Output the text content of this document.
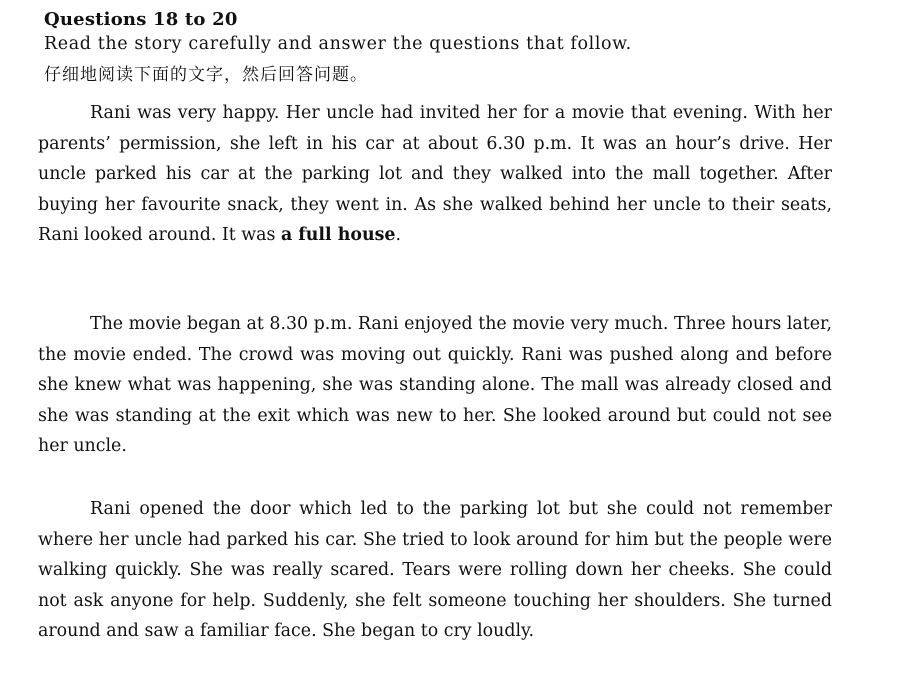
Questions 18 to 20
Read the story carefully and answer the questions that follow.
仔细地阅读下面的文字，然后回答问题。
Rani was very happy. Her uncle had invited her for a movie that evening. With her parents’ permission, she left in his car at about 6.30 p.m. It was an hour’s drive. Her uncle parked his car at the parking lot and they walked into the mall together. After buying her favourite snack, they went in. As she walked behind her uncle to their seats, Rani looked around. It was a full house.
The movie began at 8.30 p.m. Rani enjoyed the movie very much. Three hours later, the movie ended. The crowd was moving out quickly. Rani was pushed along and before she knew what was happening, she was standing alone. The mall was already closed and she was standing at the exit which was new to her. She looked around but could not see her uncle.
Rani opened the door which led to the parking lot but she could not remember where her uncle had parked his car. She tried to look around for him but the people were walking quickly. She was really scared. Tears were rolling down her cheeks. She could not ask anyone for help. Suddenly, she felt someone touching her shoulders. She turned around and saw a familiar face. She began to cry loudly.
